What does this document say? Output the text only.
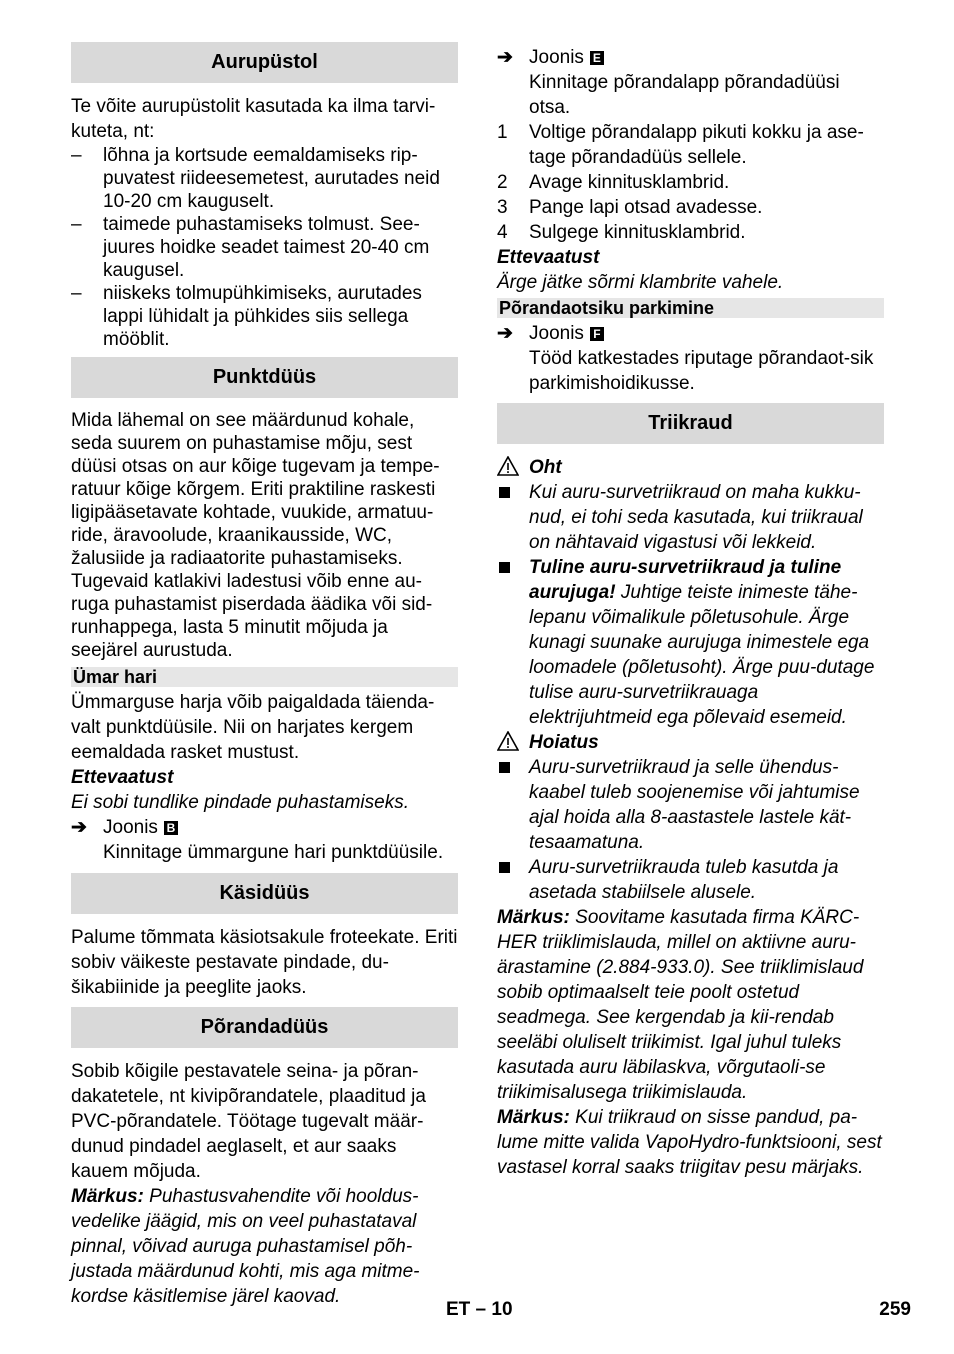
Aurupüstol

Te võite aurupüstolit kasutada ka ilma tarvi-kuteta, nt:

–	lõhna ja kortsude eemaldamiseks rip-puvatest riideesemetest, aurutades neid 10-20 cm kauguselt.
–	taimede puhastamiseks tolmust. See-juures hoidke seadet taimest 20-40 cm kaugusel.
–	niiskeks tolmupühkimiseks, aurutades lappi lühidalt ja pühkides siis sellega mööblit.
Punktdüüs

Mida lähemal on see määrdunud kohale, seda suurem on puhastamise mõju, sest düüsi otsas on aur kõige tugevam ja tempe-ratuur kõige kõrgem. Eriti praktiline raskesti ligipääsetavate kohtade, vuukide, armatuu-ride, äravoolude, kraanikausside, WC, žalusiide ja radiaatorite puhastamiseks. Tugevaid katlakivi ladestusi võib enne au-ruga puhastamist piserdada äädika või sid-runhappega, lasta 5 minutit mõjuda ja seejärel aurustuda.

Ümar hari

Ümmarguse harja võib paigaldada täienda-valt punktdüüsile. Nii on harjates kergem eemaldada rasket mustust.

Ettevaatust

Ei sobi tundlike pindade puhastamiseks.

➔ Joonis B
Kinnitage ümmargune hari punktdüüsile.
Käsidüüs

Palume tõmmata käsiotsakule froteekate. Eriti sobiv väikeste pestavate pindade, du-šikabiinide ja peeglite jaoks.

Põrandadüüs

Sobib kõigile pestavatele seina- ja põran-dakatetele, nt kivipõrandatele, plaaditud ja PVC-põrandatele. Töötage tugevalt määr-dunud pindadel aeglaselt, et aur saaks kauem mõjuda.

Märkus: Puhastusvahendite või hooldus-vedelike jäägid, mis on veel puhastataval pinnal, võivad auruga puhastamisel põh-justada määrdunud kohti, mis aga mitme-kordse käsitlemise järel kaovad.

➔ Joonis E
Kinnitage põrandalapp põrandadüüsi otsa.
1	Voltige põrandalapp pikuti kokku ja ase-tage põrandadüüs sellele.
2	Avage kinnitusklambrid.
3	Pange lapi otsad avadesse.
4	Sulgege kinnitusklambrid.

Ettevaatust

Ärge jätke sõrmi klambrite vahele.

Põrandaotsiku parkimine
➔ Joonis F
Tööd katkestades riputage põrandaot-sik parkimishoidikusse.
Triikraud
Oht
Kui auru-survetriikraud on maha kukku-nud, ei tohi seda kasutada, kui triikraual on nähtavaid vigastusi või lekkeid.
Tuline auru-survetriikraud ja tuline aurujuga! Juhtige teiste inimeste tähe-lepanu võimalikule põletusohule. Ärge kunagi suunake aurujuga inimestele ega loomadele (põletusoht). Ärge puu-dutage tulise auru-survetriikrauaga elektrijuhtmeid ega põlevaid esemeid.
Hoiatus
Auru-survetriikraud ja selle ühendus-kaabel tuleb soojenemise või jahtumise ajal hoida alla 8-aastastele lastele kät-tesaamatuna.
Auru-survetriikrauda tuleb kasutda ja asetada stabiilsele alusele.

Märkus: Soovitame kasutada firma KÄRC-HER triiklimislauda, millel on aktiivne auru-ärastamine (2.884-933.0). See triiklimislaud sobib optimaalselt teie poolt ostetud seadmega. See kergendab ja kii-rendab seeläbi oluliselt triikimist. Igal juhul tuleks kasutada auru läbilaskva, võrgutaoli-se triikimisalusega triikimislauda.

Märkus: Kui triikraud on sisse pandud, pa-lume mitte valida VapoHydro-funktsiooni, sest vastasel korral saaks triigitav pesu märjaks.

ET – 10	259
